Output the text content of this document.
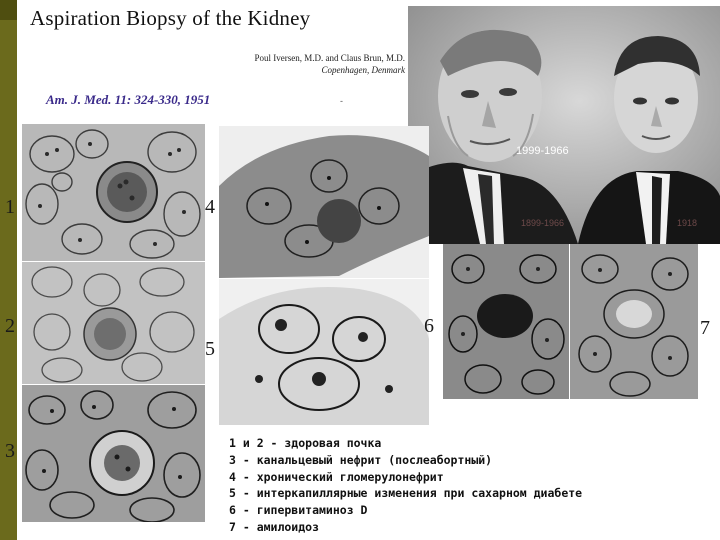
Aspiration Biopsy of the Kidney
Poul Iversen, M.D. and Claus Brun, M.D.
Copenhagen, Denmark
Am. J. Med. 11: 324-330, 1951	-
1999-1966
1899-1966	1918
1
2
3
4
5
6	7
1 и 2 - здоровая почка
3 - канальцевый нефрит (послеабортный)
4 - хронический гломерулонефрит
5 - интеркапиллярные изменения при сахарном диабете
6 - гипервитаминоз D
7 - амилоидоз
